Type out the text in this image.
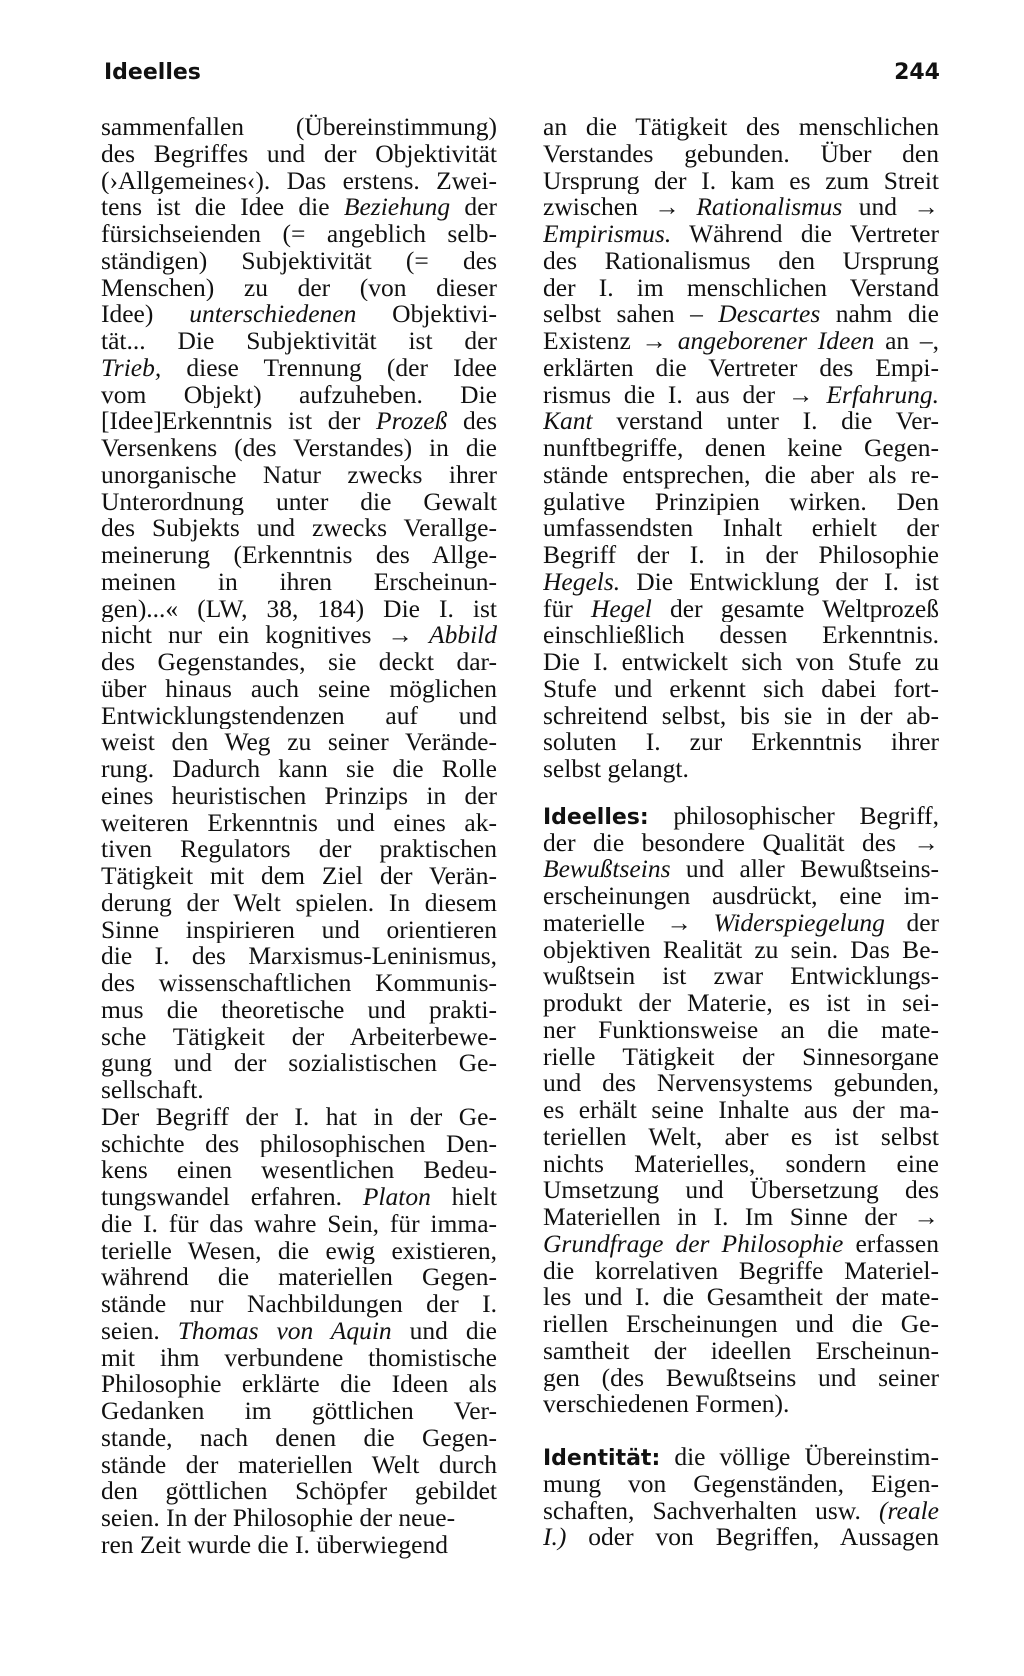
Ideelles	244
sammenfallen (Übereinstimmung)
des Begriffes und der Objektivität
(›Allgemeines‹). Das erstens. Zwei-
tens ist die Idee die Beziehung der
fürsichseienden (= angeblich selb-
ständigen) Subjektivität (= des
Menschen) zu der (von dieser
Idee) unterschiedenen Objektivi-
tät... Die Subjektivität ist der
Trieb, diese Trennung (der Idee
vom Objekt) aufzuheben. Die
[Idee]Erkenntnis ist der Prozeß des
Versenkens (des Verstandes) in die
unorganische Natur zwecks ihrer
Unterordnung unter die Gewalt
des Subjekts und zwecks Verallge-
meinerung (Erkenntnis des Allge-
meinen in ihren Erscheinun-
gen)...« (LW, 38, 184) Die I. ist
nicht nur ein kognitives → Abbild
des Gegenstandes, sie deckt dar-
über hinaus auch seine möglichen
Entwicklungstendenzen auf und
weist den Weg zu seiner Verände-
rung. Dadurch kann sie die Rolle
eines heuristischen Prinzips in der
weiteren Erkenntnis und eines ak-
tiven Regulators der praktischen
Tätigkeit mit dem Ziel der Verän-
derung der Welt spielen. In diesem
Sinne inspirieren und orientieren
die I. des Marxismus-Leninismus,
des wissenschaftlichen Kommunis-
mus die theoretische und prakti-
sche Tätigkeit der Arbeiterbewe-
gung und der sozialistischen Ge-
sellschaft.
Der Begriff der I. hat in der Ge-
schichte des philosophischen Den-
kens einen wesentlichen Bedeu-
tungswandel erfahren. Platon hielt
die I. für das wahre Sein, für imma-
terielle Wesen, die ewig existieren,
während die materiellen Gegen-
stände nur Nachbildungen der I.
seien. Thomas von Aquin und die
mit ihm verbundene thomistische
Philosophie erklärte die Ideen als
Gedanken im göttlichen Ver-
stande, nach denen die Gegen-
stände der materiellen Welt durch
den göttlichen Schöpfer gebildet
seien. In der Philosophie der neue-
ren Zeit wurde die I. überwiegend
an die Tätigkeit des menschlichen
Verstandes gebunden. Über den
Ursprung der I. kam es zum Streit
zwischen → Rationalismus und →
Empirismus. Während die Vertreter
des Rationalismus den Ursprung
der I. im menschlichen Verstand
selbst sahen – Descartes nahm die
Existenz → angeborener Ideen an –,
erklärten die Vertreter des Empi-
rismus die I. aus der → Erfahrung.
Kant verstand unter I. die Ver-
nunftbegriffe, denen keine Gegen-
stände entsprechen, die aber als re-
gulative Prinzipien wirken. Den
umfassendsten Inhalt erhielt der
Begriff der I. in der Philosophie
Hegels. Die Entwicklung der I. ist
für Hegel der gesamte Weltprozeß
einschließlich dessen Erkenntnis.
Die I. entwickelt sich von Stufe zu
Stufe und erkennt sich dabei fort-
schreitend selbst, bis sie in der ab-
soluten I. zur Erkenntnis ihrer
selbst gelangt.
Ideelles: philosophischer Begriff,
der die besondere Qualität des →
Bewußtseins und aller Bewußtseins-
erscheinungen ausdrückt, eine im-
materielle → Widerspiegelung der
objektiven Realität zu sein. Das Be-
wußtsein ist zwar Entwicklungs-
produkt der Materie, es ist in sei-
ner Funktionsweise an die mate-
rielle Tätigkeit der Sinnesorgane
und des Nervensystems gebunden,
es erhält seine Inhalte aus der ma-
teriellen Welt, aber es ist selbst
nichts Materielles, sondern eine
Umsetzung und Übersetzung des
Materiellen in I. Im Sinne der →
Grundfrage der Philosophie erfassen
die korrelativen Begriffe Materiel-
les und I. die Gesamtheit der mate-
riellen Erscheinungen und die Ge-
samtheit der ideellen Erscheinun-
gen (des Bewußtseins und seiner
verschiedenen Formen).
Identität: die völlige Übereinstim-
mung von Gegenständen, Eigen-
schaften, Sachverhalten usw. (reale
I.) oder von Begriffen, Aussagen
